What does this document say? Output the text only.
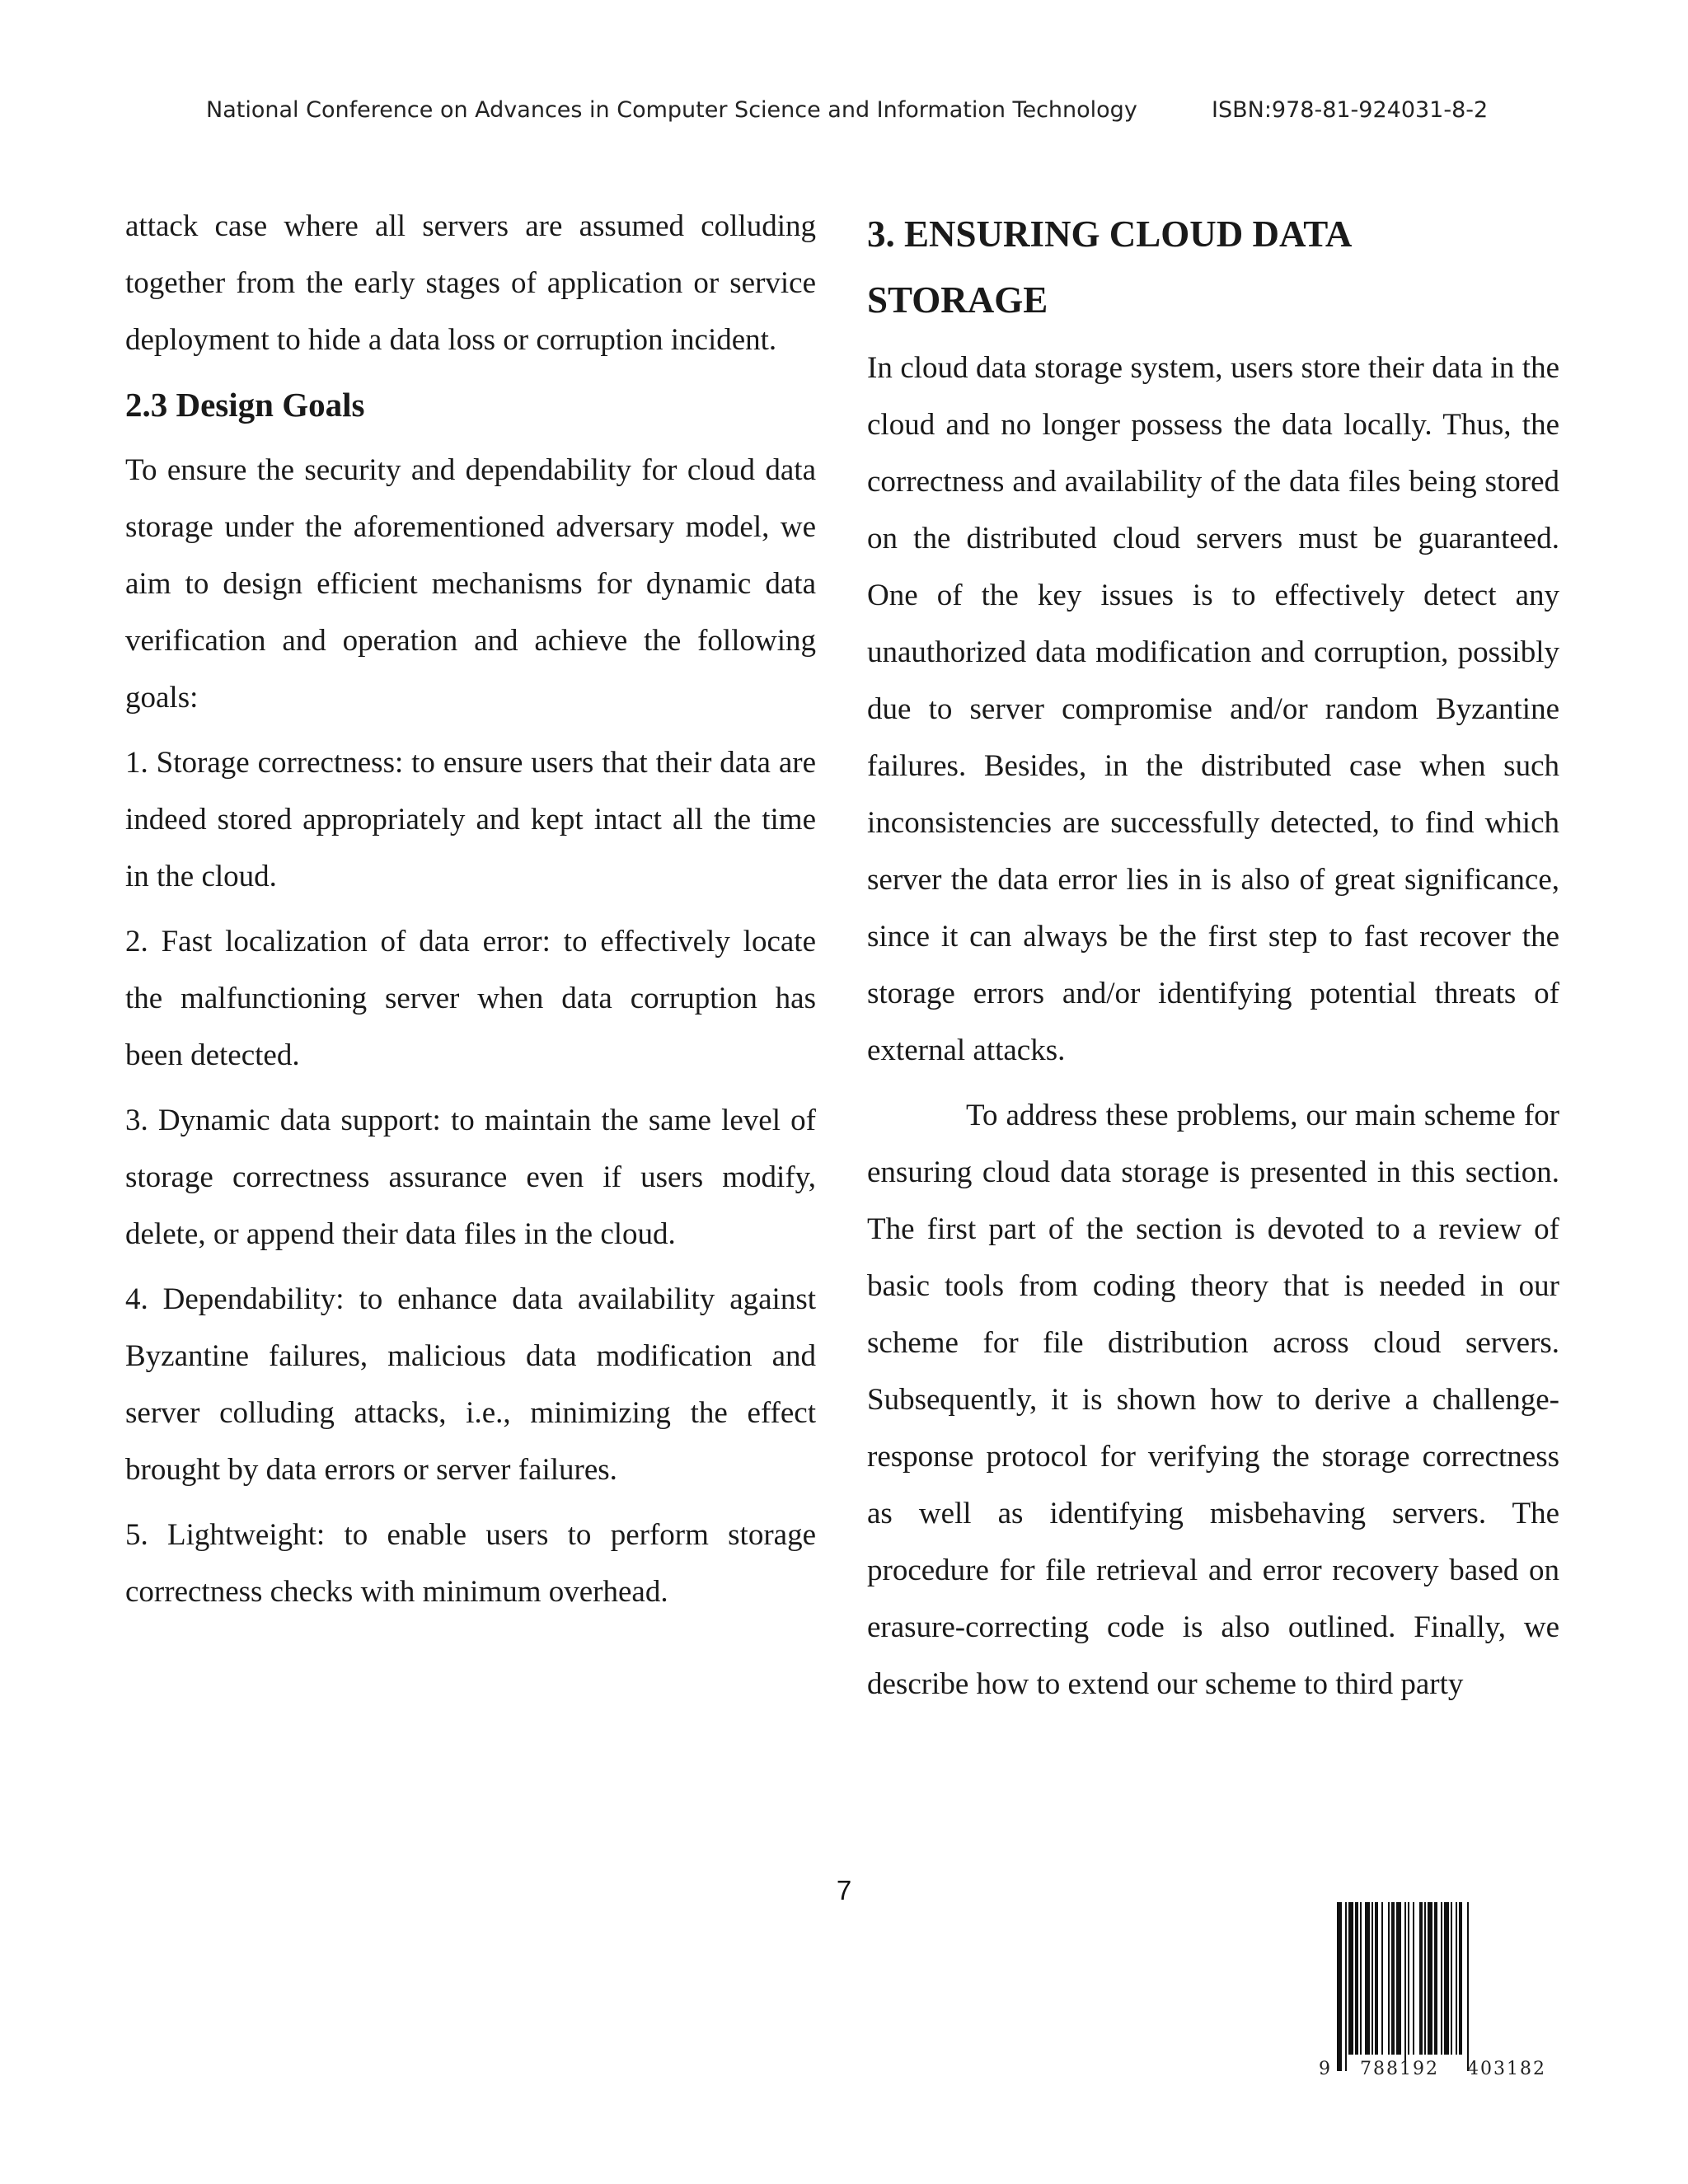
National Conference on Advances in Computer Science and Information Technology	ISBN:978-81-924031-8-2

attack case where all servers are assumed colluding together from the early stages of application or service deployment to hide a data loss or corruption incident.

2.3 Design Goals

To ensure the security and dependability for cloud data storage under the aforementioned adversary model, we aim to design efficient mechanisms for dynamic data verification and operation and achieve the following goals:

1. Storage correctness: to ensure users that their data are indeed stored appropriately and kept intact all the time in the cloud.

2. Fast localization of data error: to effectively locate the malfunctioning server when data corruption has been detected.

3. Dynamic data support: to maintain the same level of storage correctness assurance even if users modify, delete, or append their data files in the cloud.

4. Dependability: to enhance data availability against Byzantine failures, malicious data modification and server colluding attacks, i.e., minimizing the effect brought by data errors or server failures.

5. Lightweight: to enable users to perform storage correctness checks with minimum overhead.

3. ENSURING CLOUD DATA
STORAGE

In cloud data storage system, users store their data in the cloud and no longer possess the data locally. Thus, the correctness and availability of the data files being stored on the distributed cloud servers must be guaranteed. One of the key issues is to effectively detect any unauthorized data modification and corruption, possibly due to server compromise and/or random Byzantine failures. Besides, in the distributed case when such inconsistencies are successfully detected, to find which server the data error lies in is also of great significance, since it can always be the first step to fast recover the storage errors and/or identifying potential threats of external attacks.

To address these problems, our main scheme for ensuring cloud data storage is presented in this section. The first part of the section is devoted to a review of basic tools from coding theory that is needed in our scheme for file distribution across cloud servers. Subsequently, it is shown how to derive a challenge-response protocol for verifying the storage correctness as well as identifying misbehaving servers. The procedure for file retrieval and error recovery based on erasure-correcting code is also outlined. Finally, we describe how to extend our scheme to third party

7
9 788192 403182
